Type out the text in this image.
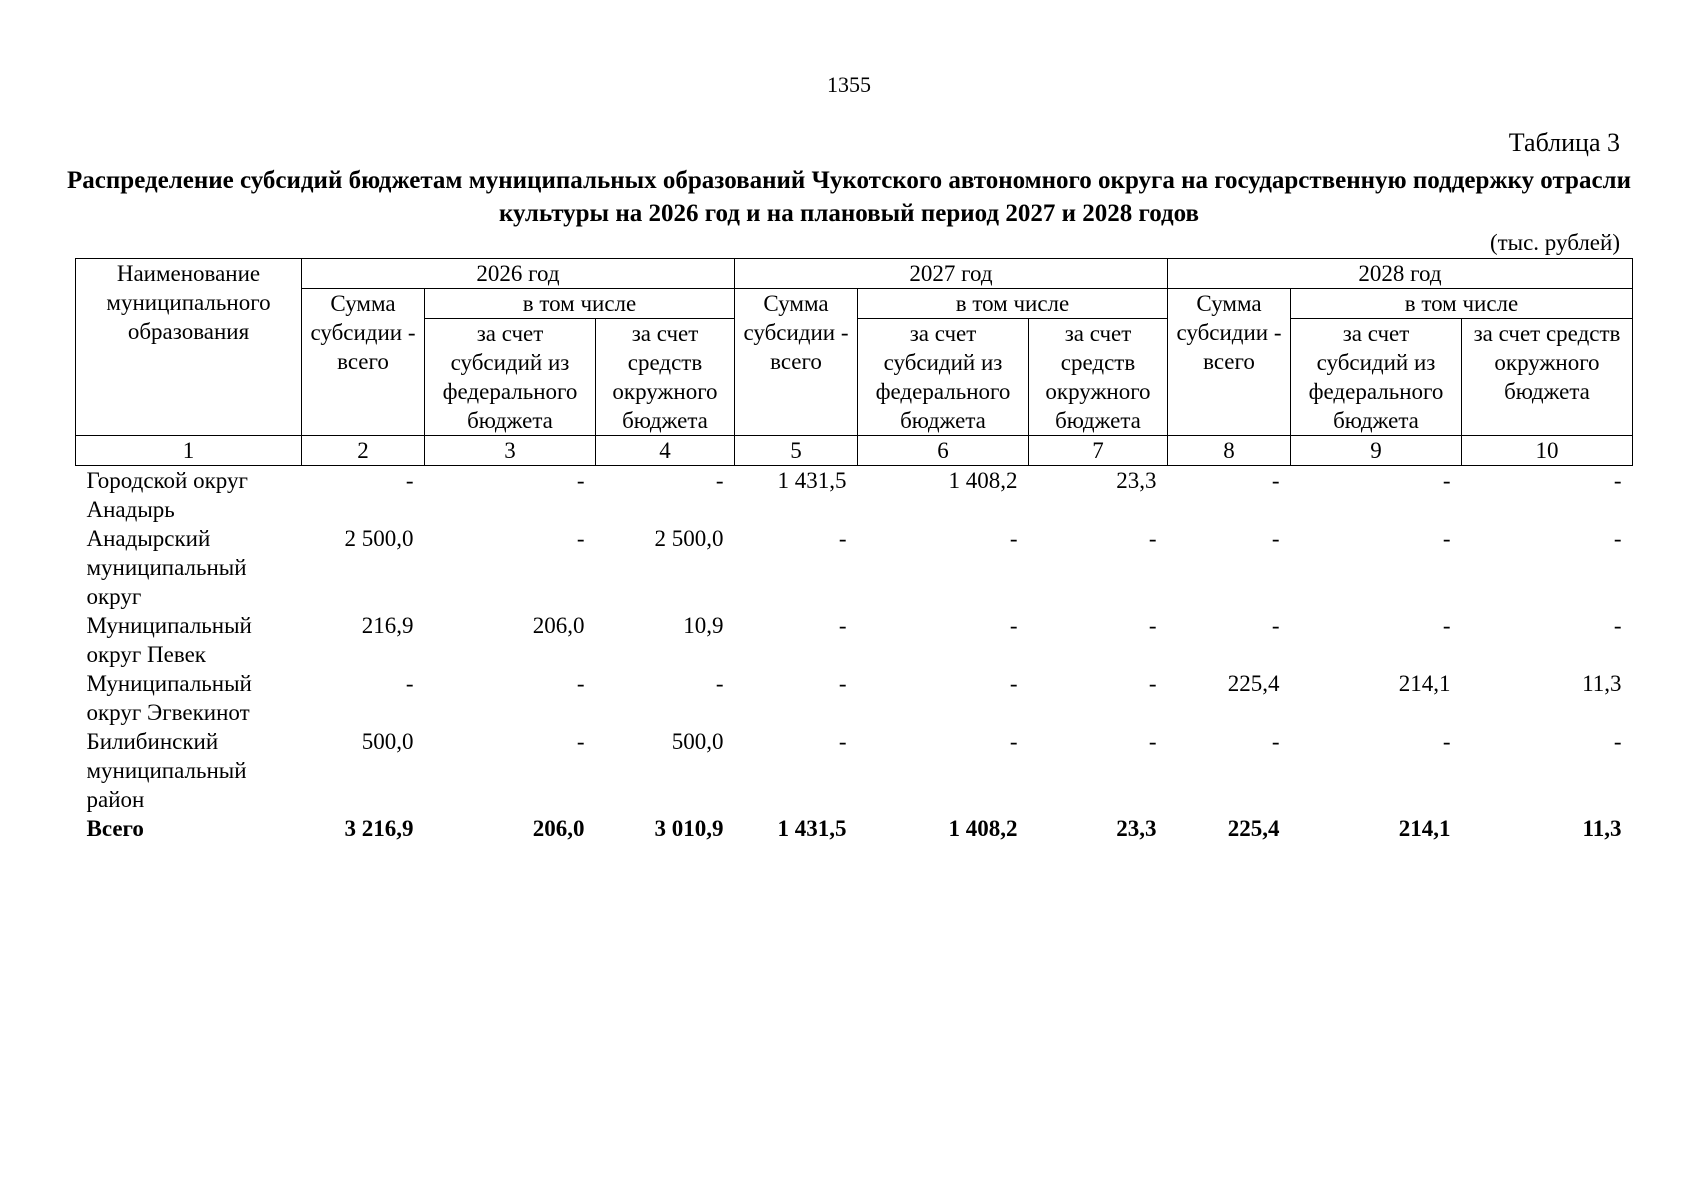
1355
Таблица 3
Распределение субсидий бюджетам муниципальных образований Чукотского автономного округа на государственную поддержку отрасли культуры на 2026 год и на плановый период 2027 и 2028 годов
(тыс. рублей)
Наименование муниципального образования	2026 год			2027 год			2028 год		
	Сумма субсидии - всего	в том числе		Сумма субсидии - всего	в том числе		Сумма субсидии - всего	в том числе	
		за счет субсидий из федерального бюджета	за счет средств окружного бюджета		за счет субсидий из федерального бюджета	за счет средств окружного бюджета		за счет субсидий из федерального бюджета	за счет средств окружного бюджета
1	2	3	4	5	6	7	8	9	10
Городской округ Анадырь	-	-	-	1 431,5	1 408,2	23,3	-	-	-
Анадырский муниципальный округ	2 500,0	-	2 500,0	-	-	-	-	-	-
Муниципальный округ Певек	216,9	206,0	10,9	-	-	-	-	-	-
Муниципальный округ Эгвекинот	-	-	-	-	-	-	225,4	214,1	11,3
Билибинский муниципальный район	500,0	-	500,0	-	-	-	-	-	-
Всего	3 216,9	206,0	3 010,9	1 431,5	1 408,2	23,3	225,4	214,1	11,3
